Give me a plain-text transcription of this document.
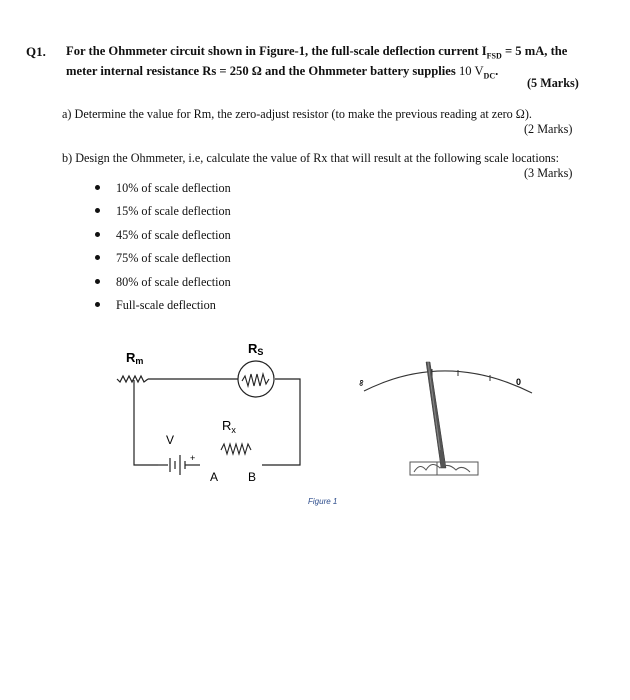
Q1. For the Ohmmeter circuit shown in Figure-1, the full-scale deflection current $I_{FSD} = 5$ mA, the
meter internal resistance Rs = 250 Ω and the Ohmmeter battery supplies 10 $V_{DC}$.
(5 Marks)
a) Determine the value for Rm, the zero-adjust resistor (to make the previous reading at zero Ω).
(2 Marks)
b) Design the Ohmmeter, i.e, calculate the value of Rx that will result at the following scale locations:
(3 Marks)
10% of scale deflection
15% of scale deflection
45% of scale deflection
75% of scale deflection
80% of scale deflection
Full-scale deflection
Rm
RS
$R_x$
V
+
A B
∞	0
Figure 1
